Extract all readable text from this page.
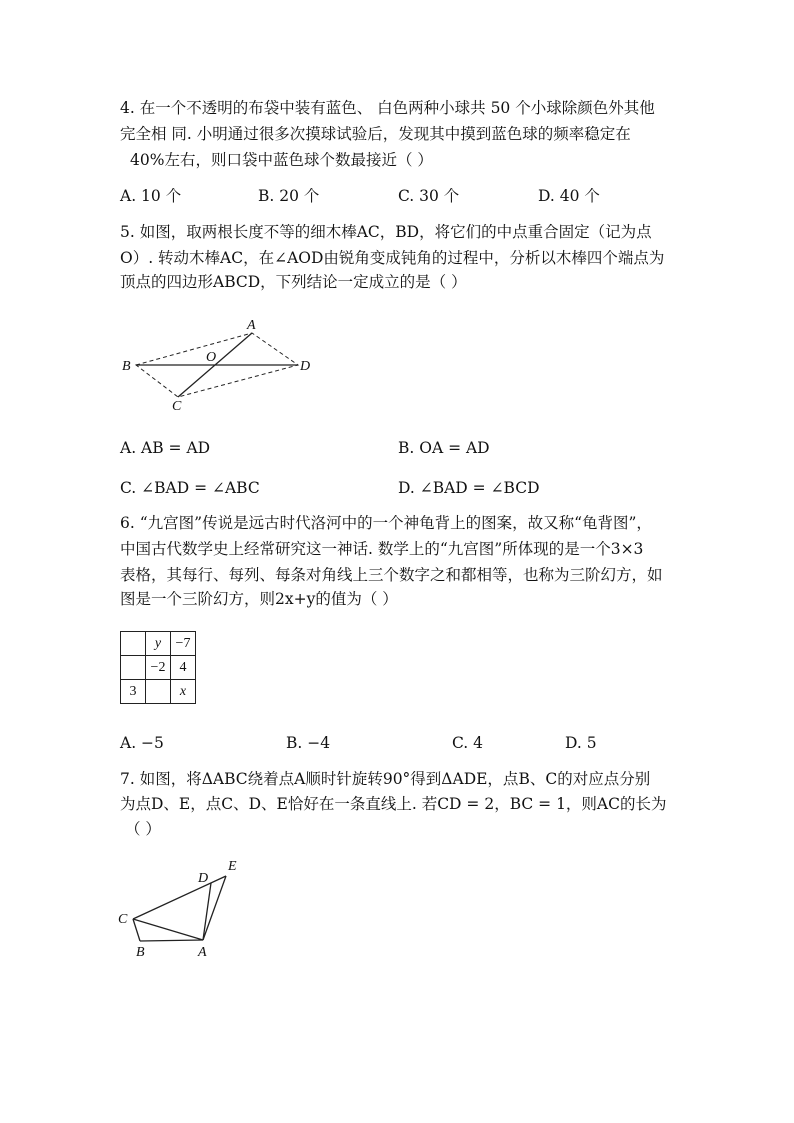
4. 在一个不透明的布袋中装有蓝色、 白色两种小球共 50 个小球除颜色外其他
完全相 同. 小明通过很多次摸球试验后，发现其中摸到蓝色球的频率稳定在
40%左右，则口袋中蓝色球个数最接近（ ）
A. 10 个	B. 20 个	C. 30 个	D. 40 个
5. 如图，取两根长度不等的细木棒AC，BD，将它们的中点重合固定（记为点
O）. 转动木棒AC，在∠AOD由锐角变成钝角的过程中，分析以木棒四个端点为
顶点的四边形ABCD，下列结论一定成立的是（ ）
A
B
C
D
O
A. AB = AD	B. OA = AD
C. ∠BAD = ∠ABC	D. ∠BAD = ∠BCD
6. “九宫图”传说是远古时代洛河中的一个神龟背上的图案，故又称“龟背图”，
中国古代数学史上经常研究这一神话. 数学上的“九宫图”所体现的是一个3×3
表格，其每行、每列、每条对角线上三个数字之和都相等，也称为三阶幻方，如
图是一个三阶幻方，则2x+y的值为（ ）
	y	−7
	−2	4
3		x
A. −5	B. −4	C. 4	D. 5
7. 如图，将ΔABC绕着点A顺时针旋转90°得到ΔADE，点B、C的对应点分别
为点D、E，点C、D、E恰好在一条直线上. 若CD = 2，BC = 1，则AC的长为
（ ）
A
B
C
D
E
